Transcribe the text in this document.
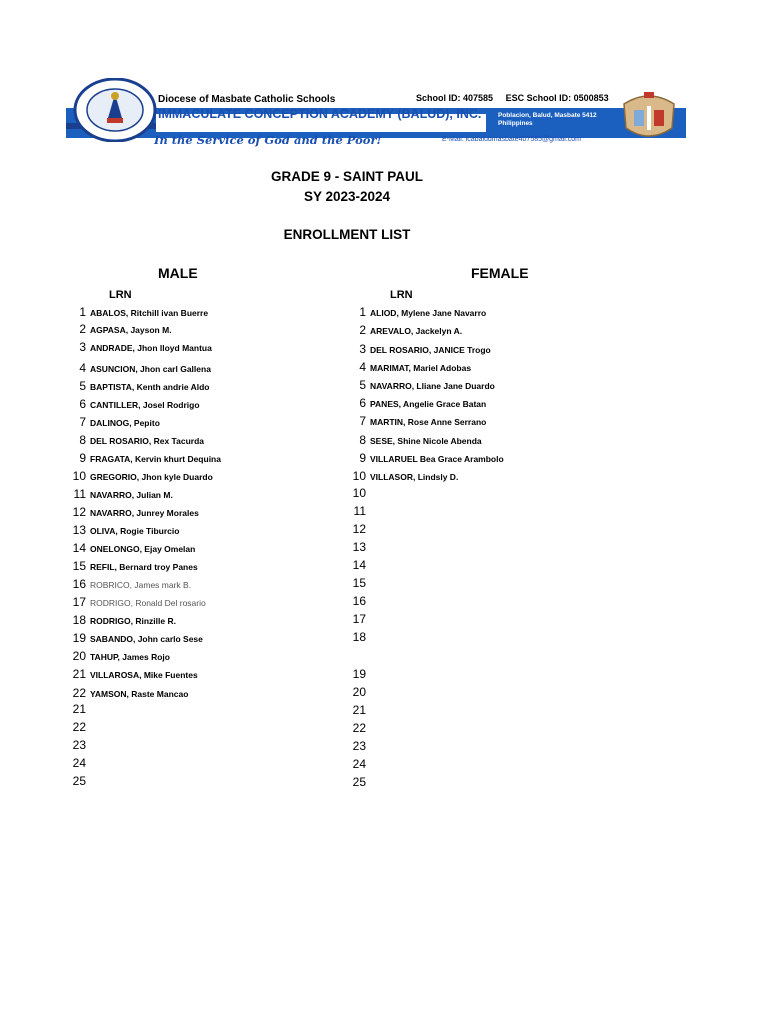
Diocese of Masbate Catholic Schools
IMMACULATE CONCEPTION ACADEMY (BALUD), INC.
School ID: 407585 ESC School ID: 0500853
Poblacion, Balud, Masbate 5412
Philippines
In the Service of God and the Poor!	E-Mail: icabaludmasbate407585@gmail.com
GRADE 9 - SAINT PAUL
SY 2023-2024
ENROLLMENT LIST
MALE	FEMALE
LRN	LRN
1 ABALOS, Ritchill ivan Buerre
2 AGPASA, Jayson M.
3 ANDRADE, Jhon lloyd Mantua
4 ASUNCION, Jhon carl Gallena
5 BAPTISTA, Kenth andrie Aldo
6 CANTILLER, Josel Rodrigo
7 DALINOG, Pepito
8 DEL ROSARIO, Rex Tacurda
9 FRAGATA, Kervin khurt Dequina
10 GREGORIO, Jhon kyle Duardo
11 NAVARRO, Julian M.
12 NAVARRO, Junrey Morales
13 OLIVA, Rogie Tiburcio
14 ONELONGO, Ejay Omelan
15 REFIL, Bernard troy Panes
16 ROBRICO, James mark B.
17 RODRIGO, Ronald Del rosario
18 RODRIGO, Rinzille R.
19 SABANDO, John carlo Sese
20 TAHUP, James Rojo
21 VILLAROSA, Mike Fuentes
22 YAMSON, Raste Mancao
21
22
23
24
25
1 ALIOD, Mylene Jane Navarro
2 AREVALO, Jackelyn A.
3 DEL ROSARIO, JANICE Trogo
4 MARIMAT, Mariel Adobas
5 NAVARRO, Lliane Jane Duardo
6 PANES, Angelie Grace Batan
7 MARTIN, Rose Anne Serrano
8 SESE, Shine Nicole Abenda
9 VILLARUEL Bea Grace Arambolo
10 VILLASOR, Lindsly D.
10
11
12
13
14
15
16
17
18
19
20
21
22
23
24
25
